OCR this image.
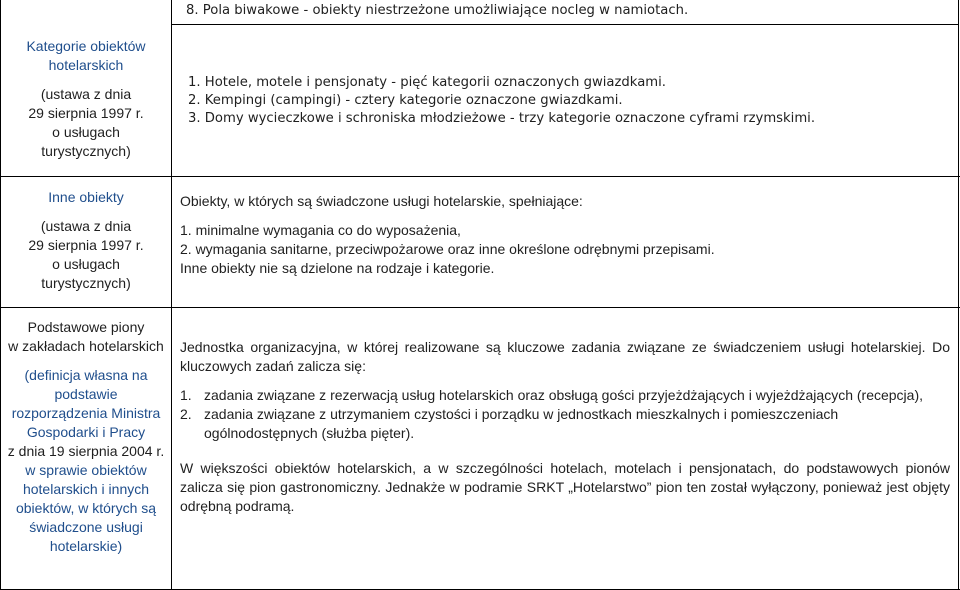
8. Pola biwakowe - obiekty niestrzeżone umożliwiające nocleg w namiotach.
Kategorie obiektów
hotelarskich
(ustawa z dnia
29 sierpnia 1997 r.
o usługach
turystycznych)
1. Hotele, motele i pensjonaty - pięć kategorii oznaczonych gwiazdkami.
2. Kempingi (campingi) - cztery kategorie oznaczone gwiazdkami.
3. Domy wycieczkowe i schroniska młodzieżowe - trzy kategorie oznaczone cyframi rzymskimi.
Inne obiekty
(ustawa z dnia
29 sierpnia 1997 r.
o usługach
turystycznych)
Obiekty, w których są świadczone usługi hotelarskie, spełniające:
1. minimalne wymagania co do wyposażenia,
2. wymagania sanitarne, przeciwpożarowe oraz inne określone odrębnymi przepisami.
Inne obiekty nie są dzielone na rodzaje i kategorie.
Podstawowe piony
w zakładach hotelarskich
(definicja własna na
podstawie
rozporządzenia Ministra
Gospodarki i Pracy
z dnia 19 sierpnia 2004 r.
w sprawie obiektów
hotelarskich i innych
obiektów, w których są
świadczone usługi
hotelarskie)
Jednostka organizacyjna, w której realizowane są kluczowe zadania związane ze świadczeniem usługi hotelarskiej. Do kluczowych zadań zalicza się:
1. zadania związane z rezerwacją usług hotelarskich oraz obsługą gości przyjeżdżających i wyjeżdżających (recepcja),
2. zadania związane z utrzymaniem czystości i porządku w jednostkach mieszkalnych i pomieszczeniach ogólnodostępnych (służba pięter).
W większości obiektów hotelarskich, a w szczególności hotelach, motelach i pensjonatach, do podstawowych pionów zalicza się pion gastronomiczny. Jednakże w podramie SRKT „Hotelarstwo” pion ten został wyłączony, ponieważ jest objęty odrębną podramą.
